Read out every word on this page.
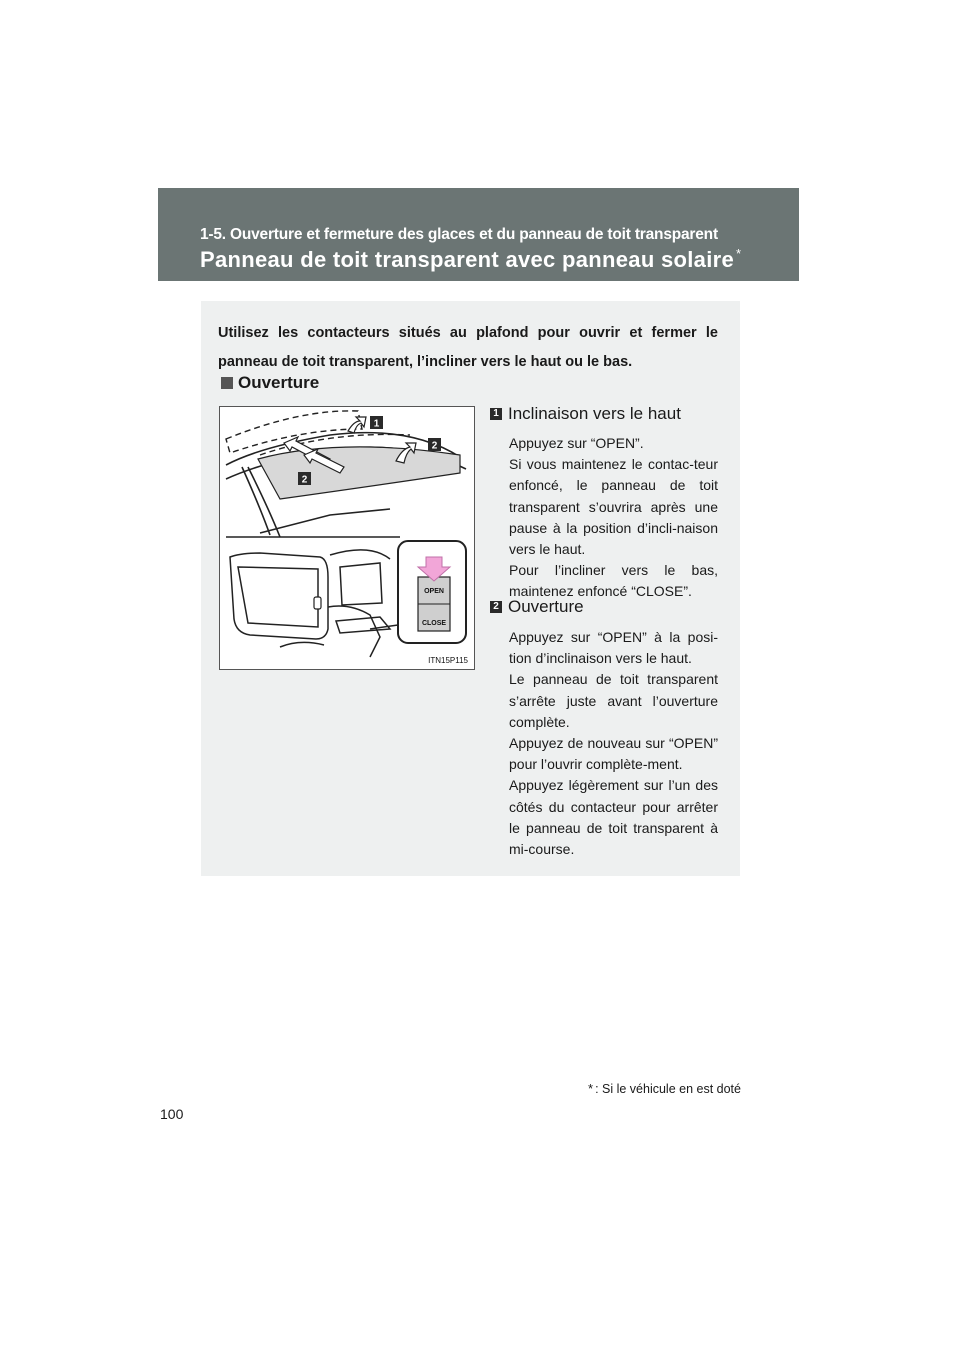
1-5. Ouverture et fermeture des glaces et du panneau de toit transparent
Panneau de toit transparent avec panneau solaire *
Utilisez les contacteurs situés au plafond pour ouvrir et fermer le panneau de toit transparent, l’incliner vers le haut ou le bas.
Ouverture
1
2
2
OPEN
CLOSE
ITN15P115
1 Inclinaison vers le haut

Appuyez sur “OPEN”.

Si vous maintenez le contac-teur enfoncé, le panneau de toit transparent s’ouvrira après une pause à la position d’incli-naison vers le haut.

Pour l’incliner vers le bas, maintenez enfoncé “CLOSE”.

2 Ouverture

Appuyez sur “OPEN” à la posi-tion d’inclinaison vers le haut.

Le panneau de toit transparent s’arrête juste avant l’ouverture complète.

Appuyez de nouveau sur “OPEN” pour l’ouvrir complète-ment.

Appuyez légèrement sur l’un des côtés du contacteur pour arrêter le panneau de toit transparent à mi-course.

* : Si le véhicule en est doté
100
